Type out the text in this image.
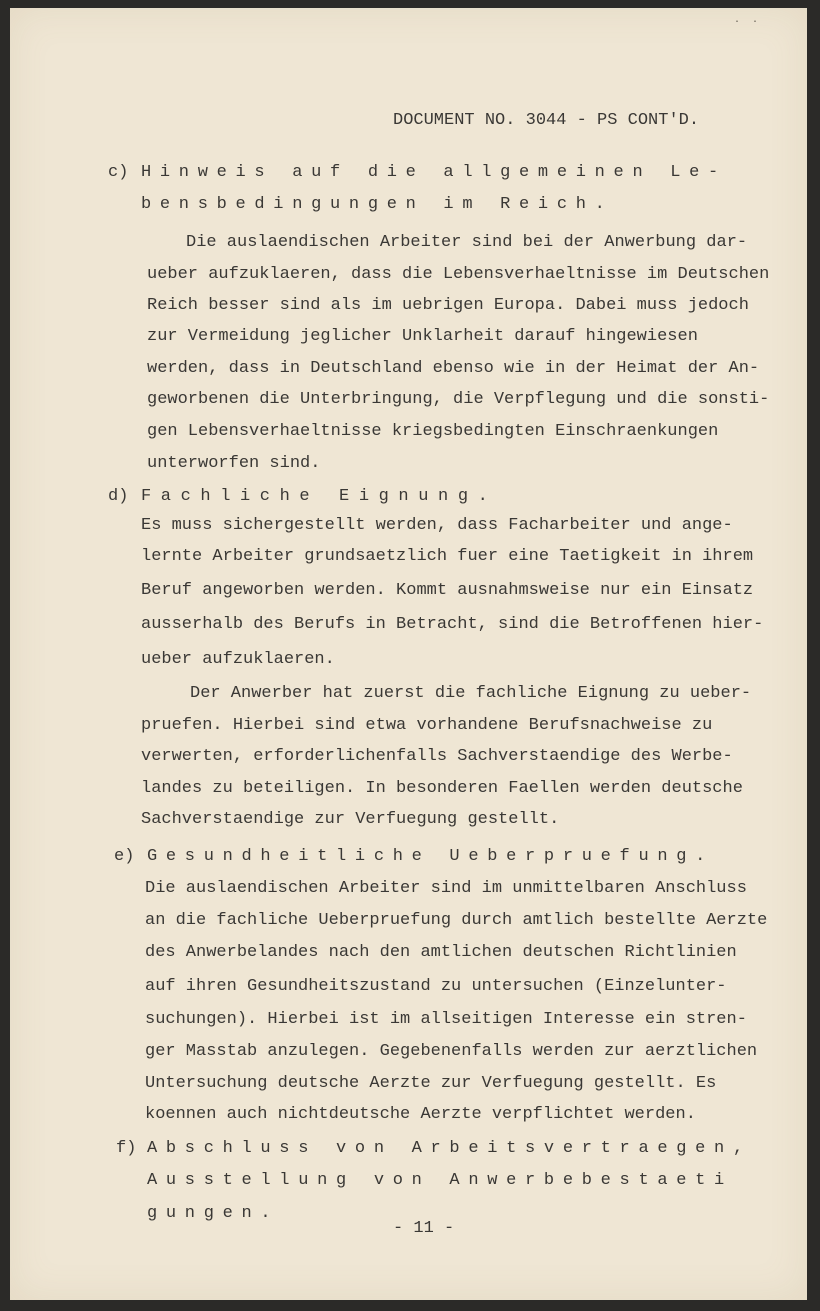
. .
DOCUMENT NO. 3044 - PS CONT'D.
c) Hinweis auf die allgemeinen Le-
bensbedingungen im Reich.
Die auslaendischen Arbeiter sind bei der Anwerbung dar-
ueber aufzuklaeren, dass die Lebensverhaeltnisse im Deutschen
Reich besser sind als im uebrigen Europa. Dabei muss jedoch
zur Vermeidung jeglicher Unklarheit darauf hingewiesen
werden, dass in Deutschland ebenso wie in der Heimat der An-
geworbenen die Unterbringung, die Verpflegung und die sonsti-
gen Lebensverhaeltnisse kriegsbedingten Einschraenkungen
unterworfen sind.
d) Fachliche Eignung.
Es muss sichergestellt werden, dass Facharbeiter und ange-
lernte Arbeiter grundsaetzlich fuer eine Taetigkeit in ihrem
Beruf angeworben werden. Kommt ausnahmsweise nur ein Einsatz
ausserhalb des Berufs in Betracht, sind die Betroffenen hier-
ueber aufzuklaeren.
Der Anwerber hat zuerst die fachliche Eignung zu ueber-
pruefen. Hierbei sind etwa vorhandene Berufsnachweise zu
verwerten, erforderlichenfalls Sachverstaendige des Werbe-
landes zu beteiligen. In besonderen Faellen werden deutsche
Sachverstaendige zur Verfuegung gestellt.
e) Gesundheitliche Ueberpruefung.
Die auslaendischen Arbeiter sind im unmittelbaren Anschluss
an die fachliche Ueberpruefung durch amtlich bestellte Aerzte
des Anwerbelandes nach den amtlichen deutschen Richtlinien
auf ihren Gesundheitszustand zu untersuchen (Einzelunter-
suchungen). Hierbei ist im allseitigen Interesse ein stren-
ger Masstab anzulegen. Gegebenenfalls werden zur aerztlichen
Untersuchung deutsche Aerzte zur Verfuegung gestellt. Es
koennen auch nichtdeutsche Aerzte verpflichtet werden.
f) Abschluss von Arbeitsvertraegen,
Ausstellung von Anwerbebestaeti
gungen.
- 11 -
